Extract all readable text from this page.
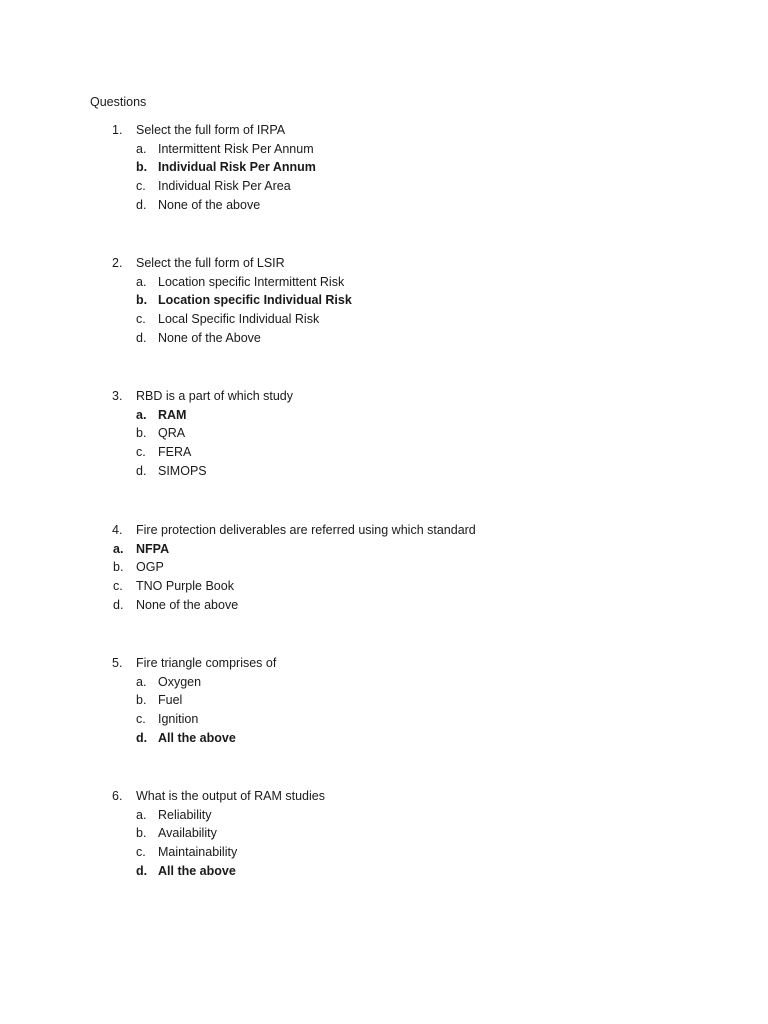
Questions
1. Select the full form of IRPA
a. Intermittent Risk Per Annum
b. Individual Risk Per Annum
c. Individual Risk Per Area
d. None of the above
2. Select the full form of LSIR
a. Location specific Intermittent Risk
b. Location specific Individual Risk
c. Local Specific Individual Risk
d. None of the Above
3. RBD is a part of which study
a. RAM
b. QRA
c. FERA
d. SIMOPS
4. Fire protection deliverables are referred using which standard
a. NFPA
b. OGP
c. TNO Purple Book
d. None of the above
5. Fire triangle comprises of
a. Oxygen
b. Fuel
c. Ignition
d. All the above
6. What is the output of RAM studies
a. Reliability
b. Availability
c. Maintainability
d. All the above
